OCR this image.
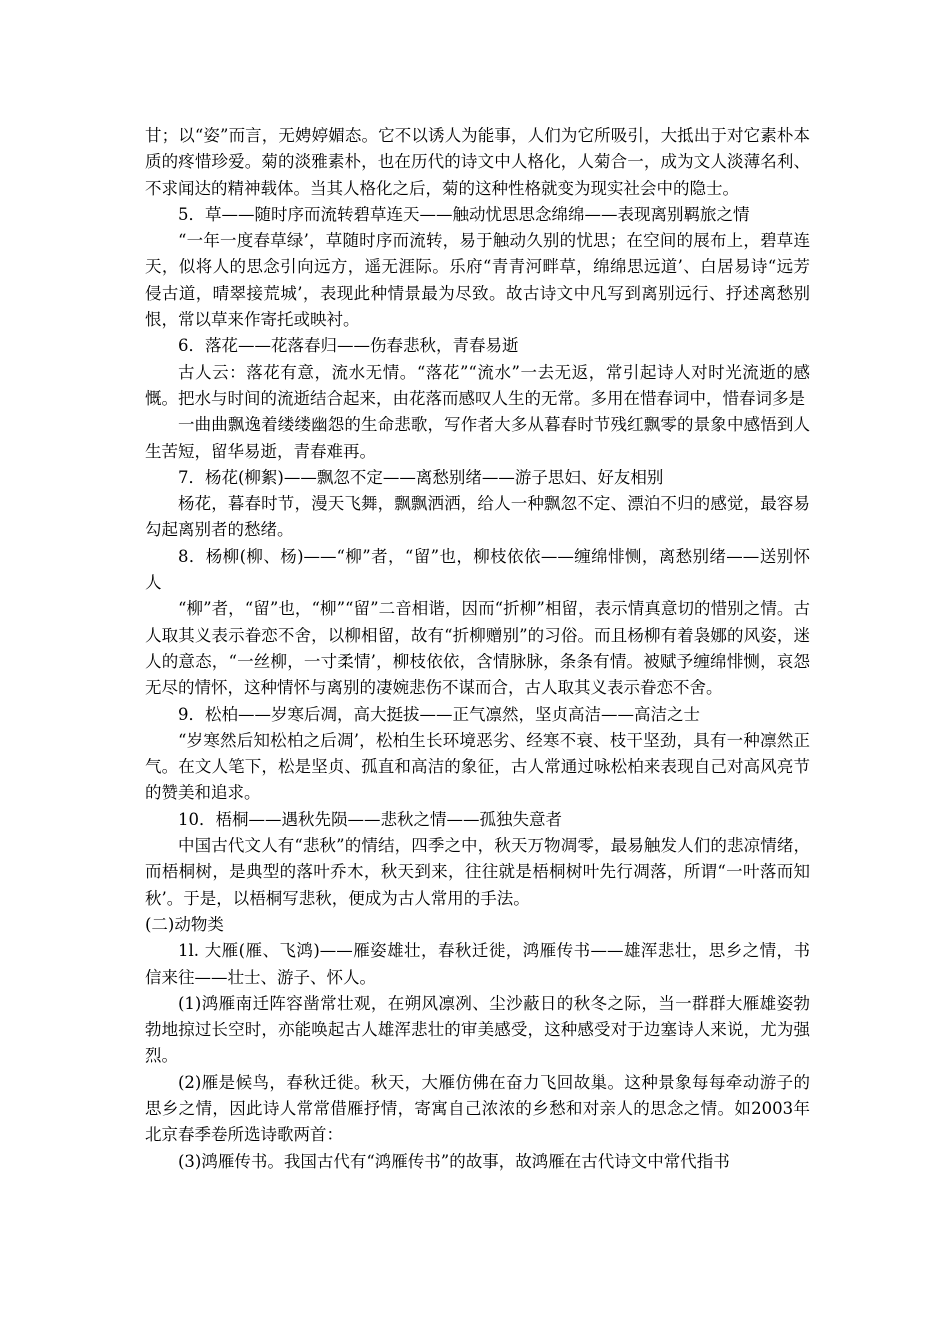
甘；以“姿”而言，无娉婷媚态。它不以诱人为能事，人们为它所吸引，大抵出于对它素朴本质的疼惜珍爱。菊的淡雅素朴，也在历代的诗文中人格化，人菊合一，成为文人淡薄名利、不求闻达的精神载体。当其人格化之后，菊的这种性格就变为现实社会中的隐士。

5．草——随时序而流转碧草连天——触动忧思思念绵绵——表现离别羁旅之情

“一年一度春草绿’，草随时序而流转，易于触动久别的忧思；在空间的展布上，碧草连天，似将人的思念引向远方，遥无涯际。乐府“青青河畔草，绵绵思远道’、白居易诗“远芳侵古道，晴翠接荒城’，表现此种情景最为尽致。故古诗文中凡写到离别远行、抒述离愁别恨，常以草来作寄托或映衬。

6．落花——花落春归——伤春悲秋，青春易逝

古人云：落花有意，流水无情。“落花”“流水”一去无返，常引起诗人对时光流逝的感慨。把水与时间的流逝结合起来，由花落而感叹人生的无常。多用在惜春词中，惜春词多是

一曲曲飘逸着缕缕幽怨的生命悲歌，写作者大多从暮春时节残红飘零的景象中感悟到人生苦短，留华易逝，青春难再。

7．杨花(柳絮)——飘忽不定——离愁别绪——游子思妇、好友相别

杨花，暮春时节，漫天飞舞，飘飘洒洒，给人一种飘忽不定、漂泊不归的感觉，最容易勾起离别者的愁绪。

8．杨柳(柳、杨)——“柳”者，“留”也，柳枝依依——缠绵悱恻，离愁别绪——送别怀人

“柳”者，“留”也，“柳”“留”二音相谐，因而“折柳”相留，表示情真意切的惜别之情。古人取其义表示眷恋不舍，以柳相留，故有“折柳赠别”的习俗。而且杨柳有着袅娜的风姿，迷人的意态，“一丝柳，一寸柔情’，柳枝依依，含情脉脉，条条有情。被赋予缠绵悱恻，哀怨无尽的情怀，这种情怀与离别的凄婉悲伤不谋而合，古人取其义表示眷恋不舍。

9．松柏——岁寒后凋，高大挺拔——正气凛然，坚贞高洁——高洁之士

“岁寒然后知松柏之后凋’，松柏生长环境恶劣、经寒不衰、枝干坚劲，具有一种凛然正气。在文人笔下，松是坚贞、孤直和高洁的象征，古人常通过咏松柏来表现自己对高风亮节的赞美和追求。

10．梧桐——遇秋先陨——悲秋之情——孤独失意者

中国古代文人有“悲秋”的情结，四季之中，秋天万物凋零，最易触发人们的悲凉情绪，而梧桐树，是典型的落叶乔木，秋天到来，往往就是梧桐树叶先行凋落，所谓“一叶落而知秋’。于是，以梧桐写悲秋，便成为古人常用的手法。

(二)动物类

1l. 大雁(雁、飞鸿)——雁姿雄壮，春秋迁徙，鸿雁传书——雄浑悲壮，思乡之情，书信来往——壮士、游子、怀人。

(1)鸿雁南迁阵容凿常壮观，在朔风凛冽、尘沙蔽日的秋冬之际，当一群群大雁雄姿勃勃地掠过长空时，亦能唤起古人雄浑悲壮的审美感受，这种感受对于边塞诗人来说，尤为强烈。

(2)雁是候鸟，春秋迁徙。秋天，大雁仿佛在奋力飞回故巢。这种景象每每牵动游子的思乡之情，因此诗人常常借雁抒情，寄寓自己浓浓的乡愁和对亲人的思念之情。如2003年北京春季卷所选诗歌两首：

(3)鸿雁传书。我国古代有“鸿雁传书”的故事，故鸿雁在古代诗文中常代指书
